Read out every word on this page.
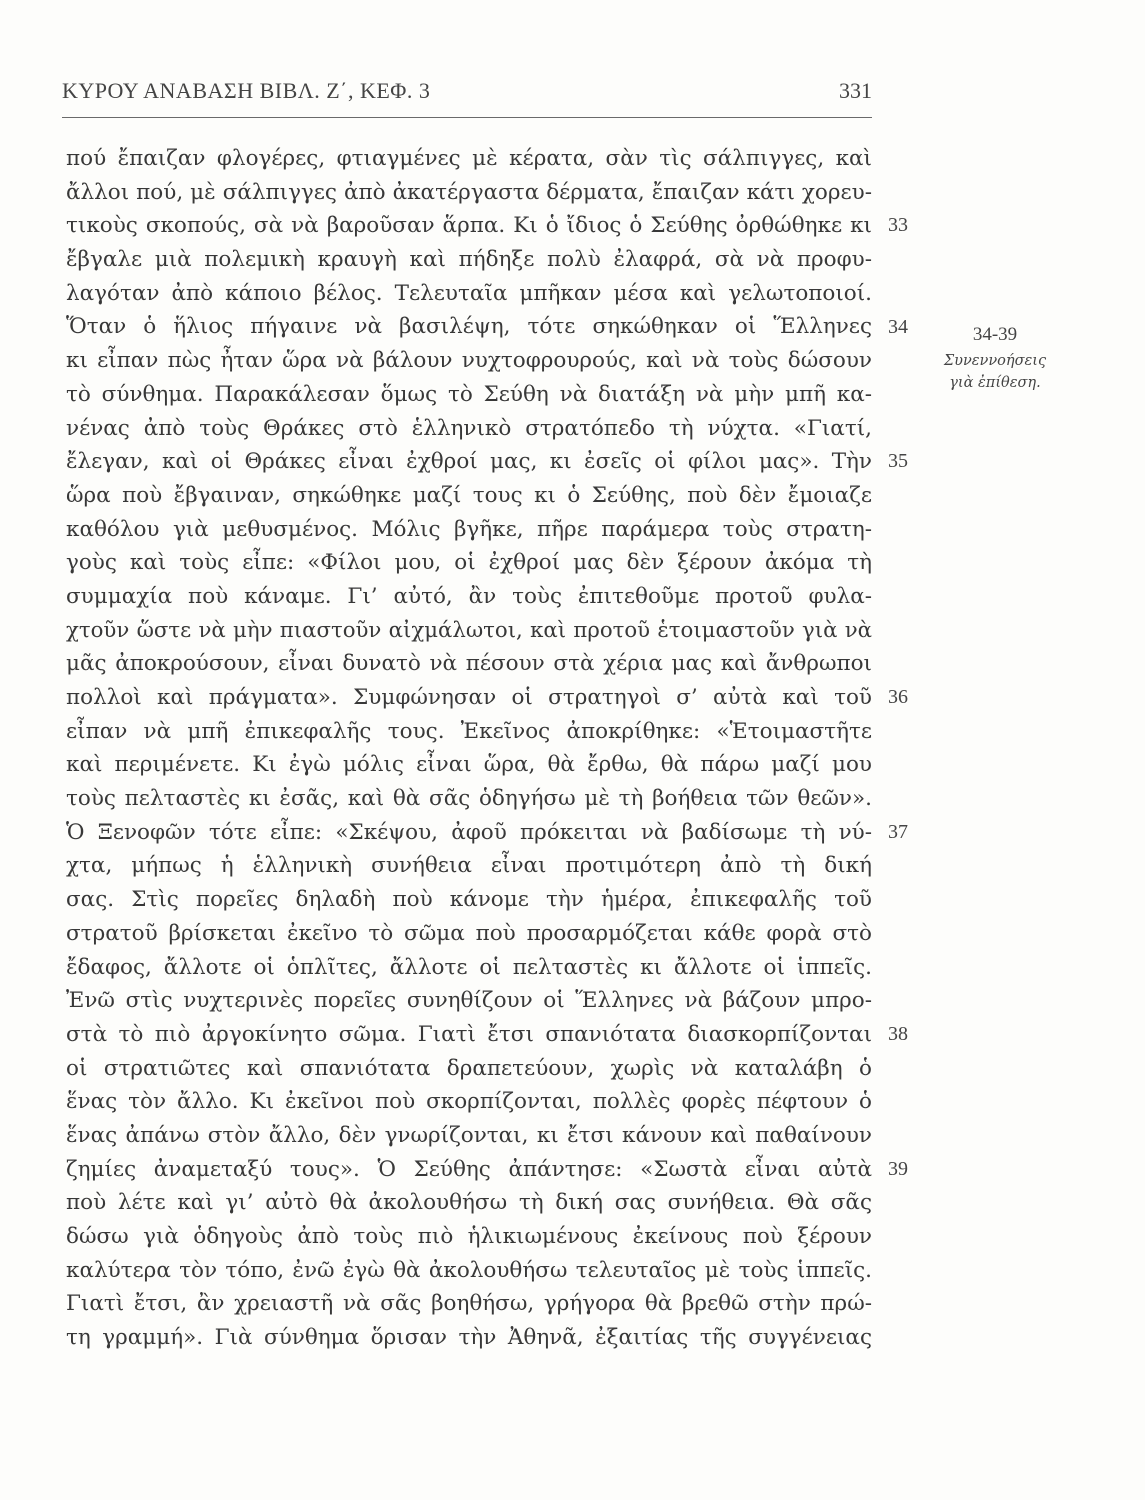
ΚΥΡΟΥ ΑΝΑΒΑΣΗ ΒΙΒΛ. Ζ΄, ΚΕΦ. 3	331
πού ἔπαιζαν φλογέρες, φτιαγμένες μὲ κέρατα, σὰν τὶς σάλπιγγες, καὶ
ἄλλοι πού, μὲ σάλπιγγες ἀπὸ ἀκατέργαστα δέρματα, ἔπαιζαν κάτι χορευ-
τικοὺς σκοπούς, σὰ νὰ βαροῦσαν ἅρπα. Κι ὁ ἴδιος ὁ Σεύθης ὀρθώθηκε κι
ἔβγαλε μιὰ πολεμικὴ κραυγὴ καὶ πήδηξε πολὺ ἐλαφρά, σὰ νὰ προφυ-
λαγόταν ἀπὸ κάποιο βέλος. Τελευταῖα μπῆκαν μέσα καὶ γελωτοποιοί.
Ὅταν ὁ ἥλιος πήγαινε νὰ βασιλέψη, τότε σηκώθηκαν οἱ Ἕλληνες
κι εἶπαν πὼς ἦταν ὥρα νὰ βάλουν νυχτοφρουρούς, καὶ νὰ τοὺς δώσουν
τὸ σύνθημα. Παρακάλεσαν ὅμως τὸ Σεύθη νὰ διατάξη νὰ μὴν μπῆ κα-
νένας ἀπὸ τοὺς Θράκες στὸ ἑλληνικὸ στρατόπεδο τὴ νύχτα. «Γιατί,
ἔλεγαν, καὶ οἱ Θράκες εἶναι ἐχθροί μας, κι ἐσεῖς οἱ φίλοι μας». Τὴν
ὥρα ποὺ ἔβγαιναν, σηκώθηκε μαζί τους κι ὁ Σεύθης, ποὺ δὲν ἔμοιαζε
καθόλου γιὰ μεθυσμένος. Μόλις βγῆκε, πῆρε παράμερα τοὺς στρατη-
γοὺς καὶ τοὺς εἶπε: «Φίλοι μου, οἱ ἐχθροί μας δὲν ξέρουν ἀκόμα τὴ
συμμαχία ποὺ κάναμε. Γι’ αὐτό, ἂν τοὺς ἐπιτεθοῦμε προτοῦ φυλα-
χτοῦν ὥστε νὰ μὴν πιαστοῦν αἰχμάλωτοι, καὶ προτοῦ ἑτοιμαστοῦν γιὰ νὰ
μᾶς ἀποκρούσουν, εἶναι δυνατὸ νὰ πέσουν στὰ χέρια μας καὶ ἄνθρωποι
πολλοὶ καὶ πράγματα». Συμφώνησαν οἱ στρατηγοὶ σ’ αὐτὰ καὶ τοῦ
εἶπαν νὰ μπῆ ἐπικεφαλῆς τους. Ἐκεῖνος ἀποκρίθηκε: «Ἑτοιμαστῆτε
καὶ περιμένετε. Κι ἐγὼ μόλις εἶναι ὥρα, θὰ ἔρθω, θὰ πάρω μαζί μου
τοὺς πελταστὲς κι ἐσᾶς, καὶ θὰ σᾶς ὁδηγήσω μὲ τὴ βοήθεια τῶν θεῶν».
Ὁ Ξενοφῶν τότε εἶπε: «Σκέψου, ἀφοῦ πρόκειται νὰ βαδίσωμε τὴ νύ-
χτα, μήπως ἡ ἑλληνικὴ συνήθεια εἶναι προτιμότερη ἀπὸ τὴ δική
σας. Στὶς πορεῖες δηλαδὴ ποὺ κάνομε τὴν ἡμέρα, ἐπικεφαλῆς τοῦ
στρατοῦ βρίσκεται ἐκεῖνο τὸ σῶμα ποὺ προσαρμόζεται κάθε φορὰ στὸ
ἔδαφος, ἄλλοτε οἱ ὁπλῖτες, ἄλλοτε οἱ πελταστὲς κι ἄλλοτε οἱ ἱππεῖς.
Ἐνῶ στὶς νυχτερινὲς πορεῖες συνηθίζουν οἱ Ἕλληνες νὰ βάζουν μπρο-
στὰ τὸ πιὸ ἀργοκίνητο σῶμα. Γιατὶ ἔτσι σπανιότατα διασκορπίζονται
οἱ στρατιῶτες καὶ σπανιότατα δραπετεύουν, χωρὶς νὰ καταλάβη ὁ
ἕνας τὸν ἄλλο. Κι ἐκεῖνοι ποὺ σκορπίζονται, πολλὲς φορὲς πέφτουν ὁ
ἕνας ἀπάνω στὸν ἄλλο, δὲν γνωρίζονται, κι ἔτσι κάνουν καὶ παθαίνουν
ζημίες ἀναμεταξύ τους». Ὁ Σεύθης ἀπάντησε: «Σωστὰ εἶναι αὐτὰ
ποὺ λέτε καὶ γι’ αὐτὸ θὰ ἀκολουθήσω τὴ δική σας συνήθεια. Θὰ σᾶς
δώσω γιὰ ὁδηγοὺς ἀπὸ τοὺς πιὸ ἡλικιωμένους ἐκείνους ποὺ ξέρουν
καλύτερα τὸν τόπο, ἐνῶ ἐγὼ θὰ ἀκολουθήσω τελευταῖος μὲ τοὺς ἱππεῖς.
Γιατὶ ἔτσι, ἂν χρειαστῆ νὰ σᾶς βοηθήσω, γρήγορα θὰ βρεθῶ στὴν πρώ-
τη γραμμή». Γιὰ σύνθημα ὅρισαν τὴν Ἀθηνᾶ, ἐξαιτίας τῆς συγγένειας
33
34
35
36
37
38
39
34-39
Συνεννοήσεις
γιὰ ἐπίθεση.
